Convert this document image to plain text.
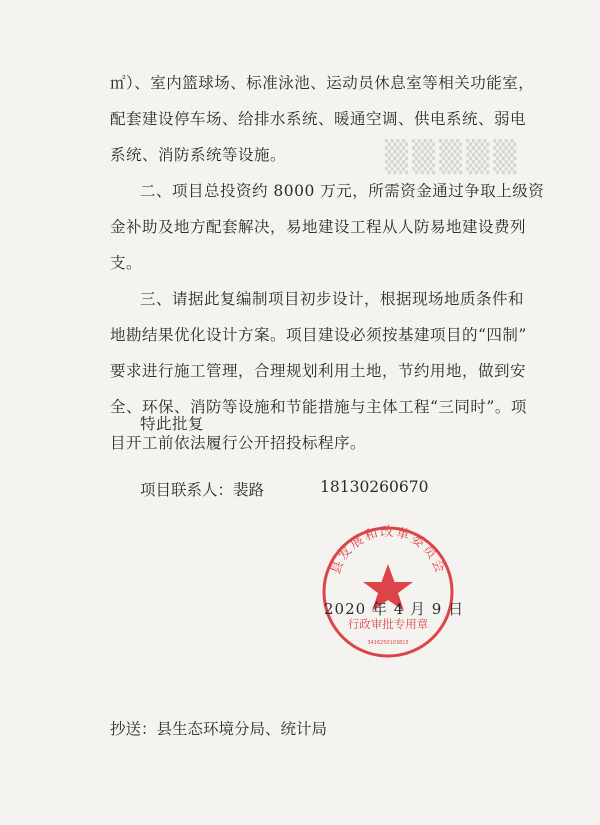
▒▒▒▒▒
㎡）、室内篮球场、标准泳池、运动员休息室等相关功能室，
配套建设停车场、给排水系统、暖通空调、供电系统、弱电
系统、消防系统等设施。
二、项目总投资约 8000 万元，所需资金通过争取上级资
金补助及地方配套解决，易地建设工程从人防易地建设费列
支。
三、请据此复编制项目初步设计，根据现场地质条件和
地勘结果优化设计方案。项目建设必须按基建项目的“四制”
要求进行施工管理，合理规划利用土地，节约用地，做到安
全、环保、消防等设施和节能措施与主体工程“三同时”。项
目开工前依法履行公开招投标程序。
特此批复
项目联系人：裴路	18130260670
县发展和改革委员会
行政审批专用章
3416250103815
2020 年 4 月 9 日
抄送：县生态环境分局、统计局
